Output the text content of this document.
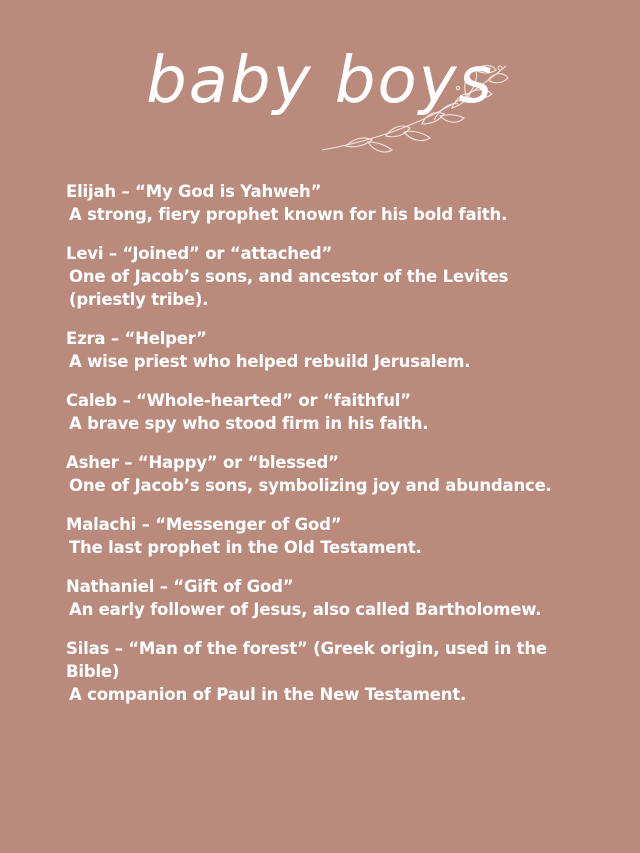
baby boys
Elijah – “My God is Yahweh”
A strong, fiery prophet known for his bold faith.
Levi – “Joined” or “attached”
One of Jacob’s sons, and ancestor of the Levites (priestly tribe).
Ezra – “Helper”
A wise priest who helped rebuild Jerusalem.
Caleb – “Whole-hearted” or “faithful”
A brave spy who stood firm in his faith.
Asher – “Happy” or “blessed”
One of Jacob’s sons, symbolizing joy and abundance.
Malachi – “Messenger of God”
The last prophet in the Old Testament.
Nathaniel – “Gift of God”
An early follower of Jesus, also called Bartholomew.
Silas – “Man of the forest” (Greek origin, used in the Bible)
A companion of Paul in the New Testament.
